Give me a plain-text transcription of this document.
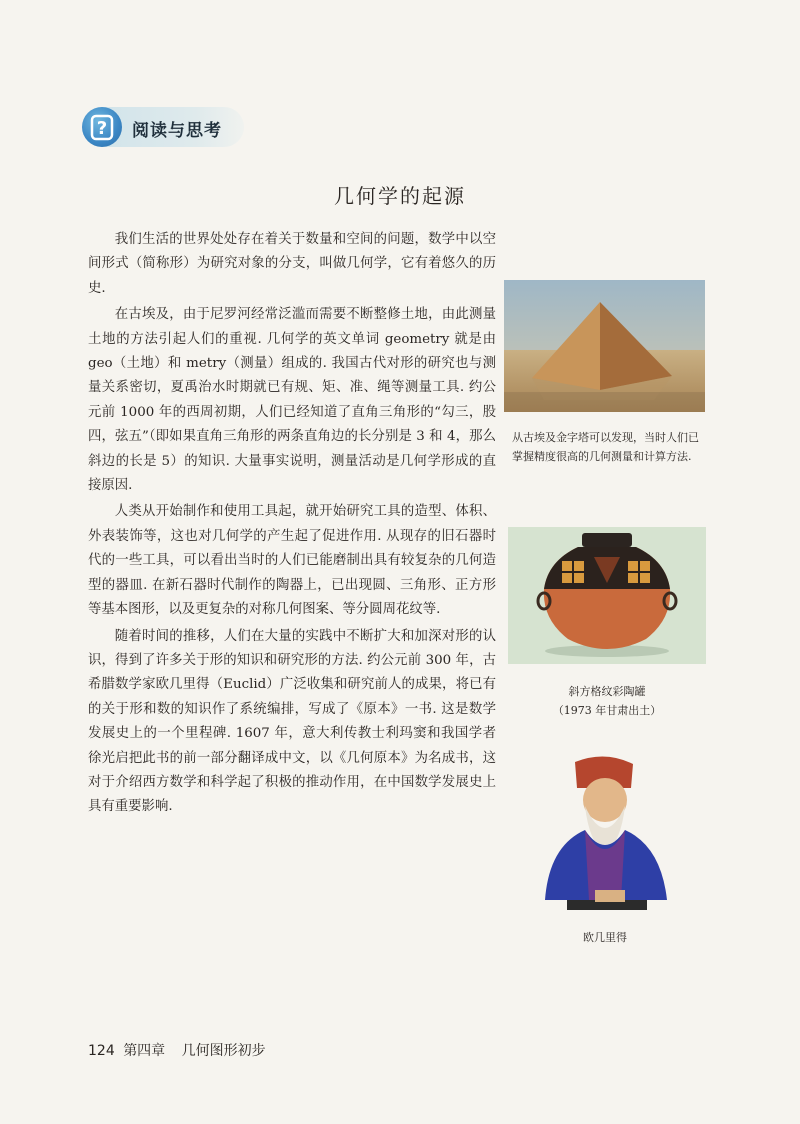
? 阅读与思考
几何学的起源

我们生活的世界处处存在着关于数量和空间的问题，数学中以空间形式（简称形）为研究对象的分支，叫做几何学，它有着悠久的历史.

在古埃及，由于尼罗河经常泛滥而需要不断整修土地，由此测量土地的方法引起人们的重视. 几何学的英文单词 geometry 就是由 geo（土地）和 metry（测量）组成的. 我国古代对形的研究也与测量关系密切，夏禹治水时期就已有规、矩、准、绳等测量工具. 约公元前 1000 年的西周初期，人们已经知道了直角三角形的“勾三，股四，弦五”（即如果直角三角形的两条直角边的长分别是 3 和 4，那么斜边的长是 5）的知识. 大量事实说明，测量活动是几何学形成的直接原因.

人类从开始制作和使用工具起，就开始研究工具的造型、体积、外表装饰等，这也对几何学的产生起了促进作用. 从现存的旧石器时代的一些工具，可以看出当时的人们已能磨制出具有较复杂的几何造型的器皿. 在新石器时代制作的陶器上，已出现圆、三角形、正方形等基本图形，以及更复杂的对称几何图案、等分圆周花纹等.

随着时间的推移，人们在大量的实践中不断扩大和加深对形的认识，得到了许多关于形的知识和研究形的方法. 约公元前 300 年，古希腊数学家欧几里得（Euclid）广泛收集和研究前人的成果，将已有的关于形和数的知识作了系统编排，写成了《原本》一书. 这是数学发展史上的一个里程碑. 1607 年，意大利传教士利玛窦和我国学者徐光启把此书的前一部分翻译成中文，以《几何原本》为名成书，这对于介绍西方数学和科学起了积极的推动作用，在中国数学发展史上具有重要影响.

从古埃及金字塔可以发现，当时人们已掌握精度很高的几何测量和计算方法.
斜方格纹彩陶罐
（1973 年甘肃出土）
欧几里得
124 第四章 几何图形初步
